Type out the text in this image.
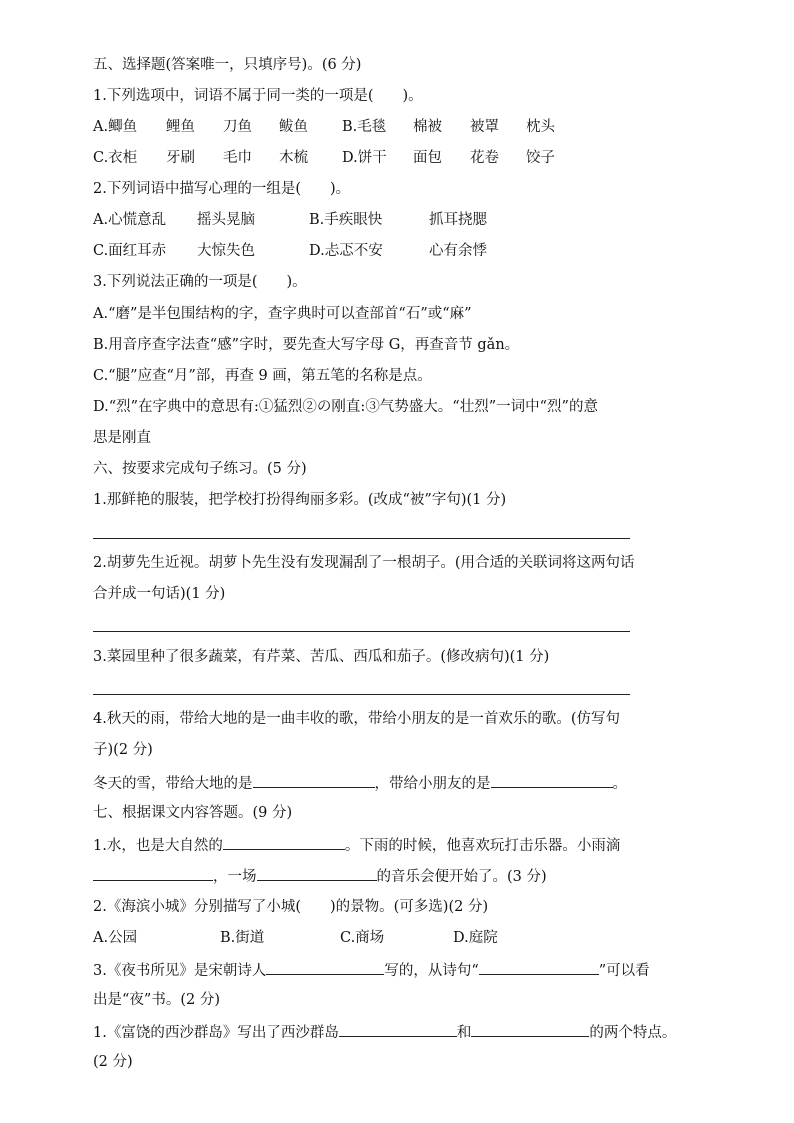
五、选择题(答案唯一，只填序号)。(6 分)
1.下列选项中，词语不属于同一类的一项是(　　)。
A.鲫鱼 鲤鱼 刀鱼 鲅鱼 B.毛毯 棉被 被罩 枕头
C.衣柜 牙刷 毛巾 木梳 D.饼干 面包 花卷 饺子
2.下列词语中描写心理的一组是(　　)。
A.心慌意乱 摇头晃脑	B.手疾眼快	抓耳挠腮
C.面红耳赤 大惊失色	D.忐忑不安	心有余悸
3.下列说法正确的一项是(　　)。
A.“磨”是半包围结构的字，查字典时可以查部首“石”或“麻”
B.用音序查字法查“感”字时，要先查大写字母 G，再查音节 gǎn。
C.“腿”应查“月”部，再查 9 画，第五笔的名称是点。
D.“烈”在字典中的意思有:①猛烈②の刚直:③气势盛大。“壮烈”一词中“烈”的意
思是刚直
六、按要求完成句子练习。(5 分)
1.那鲜艳的服装，把学校打扮得绚丽多彩。(改成“被”字句)(1 分)
2.胡萝先生近视。胡萝卜先生没有发现漏刮了一根胡子。(用合适的关联词将这两句话
合并成一句话)(1 分)
3.菜园里种了很多蔬菜，有芹菜、苦瓜、西瓜和茄子。(修改病句)(1 分)
4.秋天的雨，带给大地的是一曲丰收的歌，带给小朋友的是一首欢乐的歌。(仿写句
子)(2 分)
冬天的雪，带给大地的是	，带给小朋友的是	。
七、根据课文内容答题。(9 分)
1.水，也是大自然的	。下雨的时候，他喜欢玩打击乐器。小雨滴
，一场	的音乐会便开始了。(3 分)
2.《海滨小城》分别描写了小城(　　)的景物。(可多选)(2 分)
A.公园	B.街道	C.商场	D.庭院
3.《夜书所见》是宋朝诗人	写的，从诗句“	”可以看
出是“夜”书。(2 分)
1.《富饶的西沙群岛》写出了西沙群岛	和	的两个特点。
(2 分)
